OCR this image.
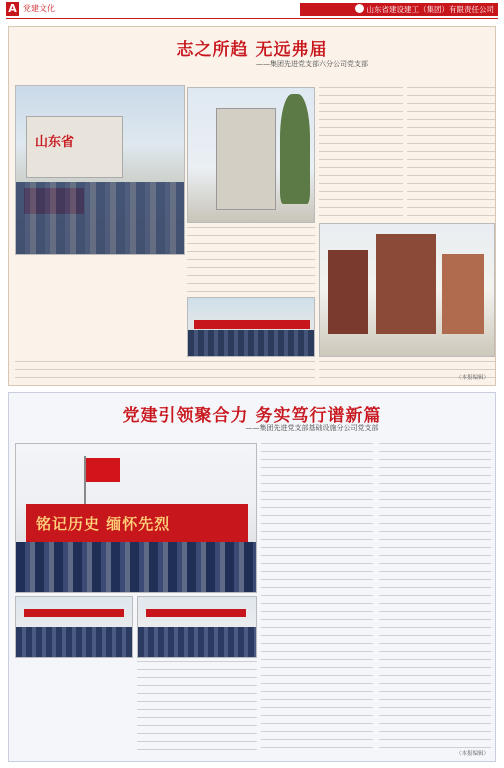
A 党建文化	山东省建设建工（集团）有限责任公司
志之所趋 无远弗届
——集团先进党支部六分公司党支部
山东省
（本报编辑）
党建引领聚合力 务实笃行谱新篇
——集团先进党支部基础设施分公司党支部
铭记历史 缅怀先烈
（本报编辑）
